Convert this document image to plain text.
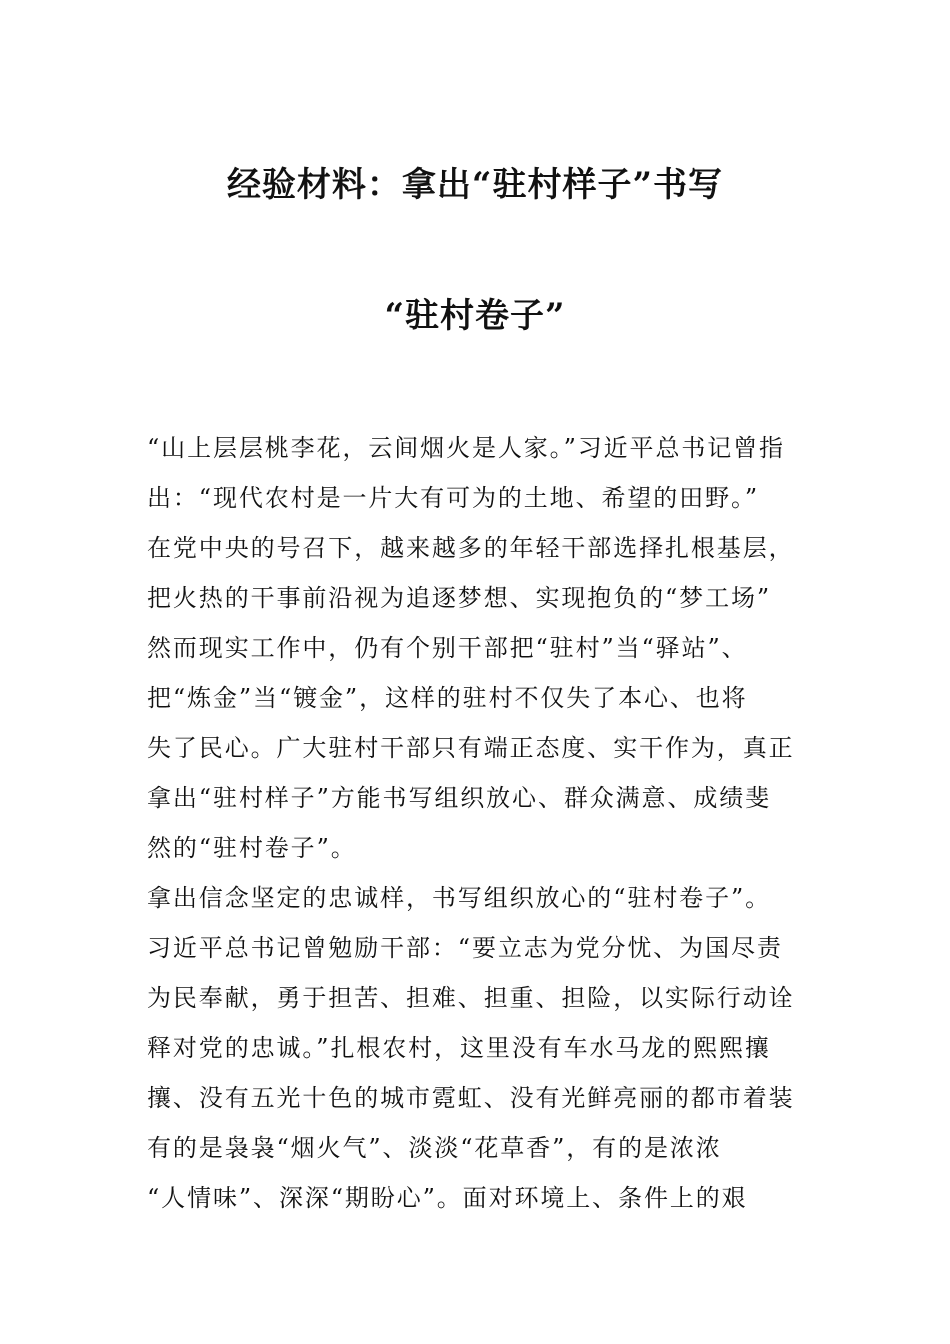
经验材料：拿出“驻村样子”书写
“驻村卷子”
“山上层层桃李花，云间烟火是人家。”习近平总书记曾指
出：“现代农村是一片大有可为的土地、希望的田野。”
在党中央的号召下，越来越多的年轻干部选择扎根基层，
把火热的干事前沿视为追逐梦想、实现抱负的“梦工场”
然而现实工作中，仍有个别干部把“驻村”当“驿站”、
把“炼金”当“镀金”，这样的驻村不仅失了本心、也将
失了民心。广大驻村干部只有端正态度、实干作为，真正
拿出“驻村样子”方能书写组织放心、群众满意、成绩斐
然的“驻村卷子”。
拿出信念坚定的忠诚样，书写组织放心的“驻村卷子”。
习近平总书记曾勉励干部：“要立志为党分忧、为国尽责
为民奉献，勇于担苦、担难、担重、担险，以实际行动诠
释对党的忠诚。”扎根农村，这里没有车水马龙的熙熙攘
攘、没有五光十色的城市霓虹、没有光鲜亮丽的都市着装
有的是袅袅“烟火气”、淡淡“花草香”，有的是浓浓
“人情味”、深深“期盼心”。面对环境上、条件上的艰
